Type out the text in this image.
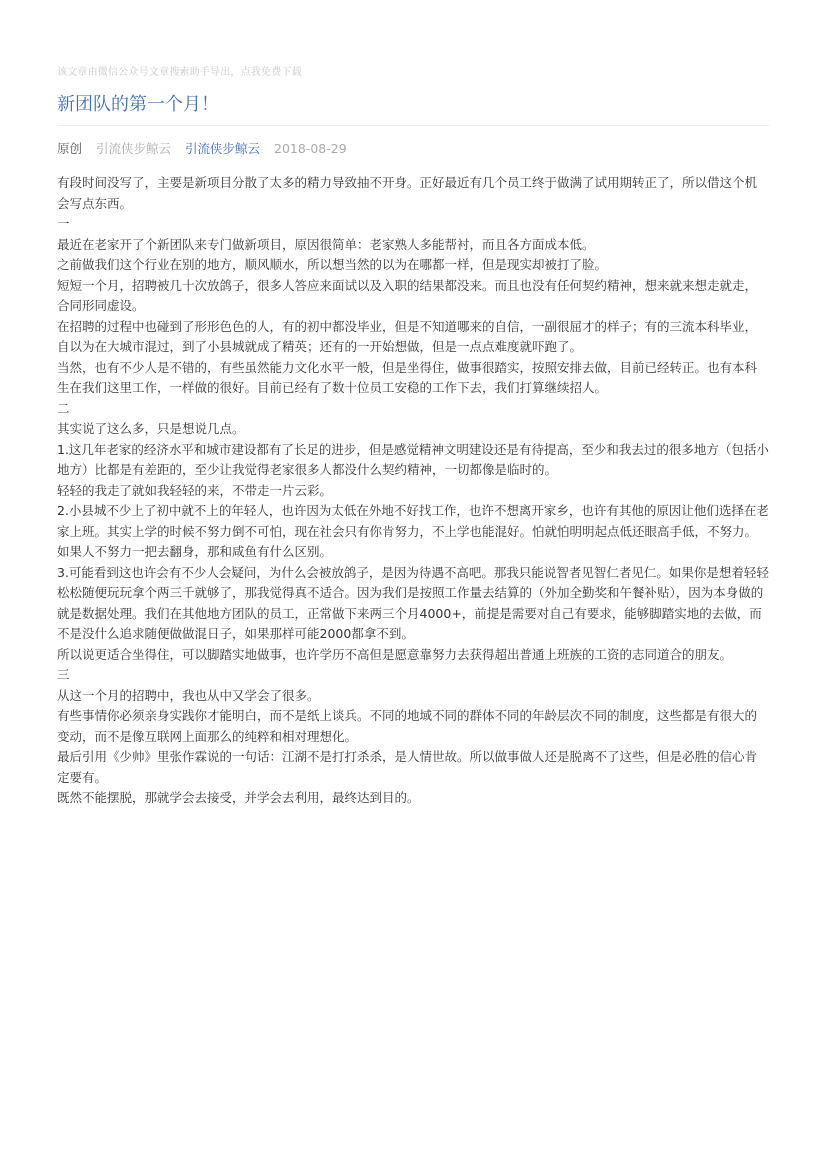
该文章由微信公众号文章搜索助手导出，点我免费下载
新团队的第一个月！
原创 引流侠步鲸云 引流侠步鲸云 2018-08-29

有段时间没写了，主要是新项目分散了太多的精力导致抽不开身。正好最近有几个员工终于做满了试用期转正了，所以借这个机会写点东西。

一

最近在老家开了个新团队来专门做新项目，原因很简单：老家熟人多能帮衬，而且各方面成本低。

之前做我们这个行业在别的地方，顺风顺水，所以想当然的以为在哪都一样，但是现实却被打了脸。

短短一个月，招聘被几十次放鸽子，很多人答应来面试以及入职的结果都没来。而且也没有任何契约精神，想来就来想走就走，合同形同虚设。

在招聘的过程中也碰到了形形色色的人，有的初中都没毕业，但是不知道哪来的自信，一副很屈才的样子；有的三流本科毕业，自以为在大城市混过，到了小县城就成了精英；还有的一开始想做，但是一点点难度就吓跑了。

当然，也有不少人是不错的，有些虽然能力文化水平一般，但是坐得住，做事很踏实，按照安排去做，目前已经转正。也有本科生在我们这里工作，一样做的很好。目前已经有了数十位员工安稳的工作下去，我们打算继续招人。

二

其实说了这么多，只是想说几点。

1.这几年老家的经济水平和城市建设都有了长足的进步，但是感觉精神文明建设还是有待提高，至少和我去过的很多地方（包括小地方）比都是有差距的，至少让我觉得老家很多人都没什么契约精神，一切都像是临时的。

轻轻的我走了就如我轻轻的来，不带走一片云彩。

2.小县城不少上了初中就不上的年轻人，也许因为太低在外地不好找工作，也许不想离开家乡，也许有其他的原因让他们选择在老家上班。其实上学的时候不努力倒不可怕，现在社会只有你肯努力，不上学也能混好。怕就怕明明起点低还眼高手低，不努力。如果人不努力一把去翻身，那和咸鱼有什么区别。

3.可能看到这也许会有不少人会疑问，为什么会被放鸽子，是因为待遇不高吧。那我只能说智者见智仁者见仁。如果你是想着轻轻松松随便玩玩拿个两三千就够了，那我觉得真不适合。因为我们是按照工作量去结算的（外加全勤奖和午餐补贴），因为本身做的就是数据处理。我们在其他地方团队的员工，正常做下来两三个月4000+，前提是需要对自己有要求，能够脚踏实地的去做，而不是没什么追求随便做做混日子，如果那样可能2000都拿不到。

所以说更适合坐得住，可以脚踏实地做事，也许学历不高但是愿意靠努力去获得超出普通上班族的工资的志同道合的朋友。

三

从这一个月的招聘中，我也从中又学会了很多。

有些事情你必须亲身实践你才能明白，而不是纸上谈兵。不同的地域不同的群体不同的年龄层次不同的制度，这些都是有很大的变动，而不是像互联网上面那么的纯粹和相对理想化。

最后引用《少帅》里张作霖说的一句话：江湖不是打打杀杀，是人情世故。所以做事做人还是脱离不了这些，但是必胜的信心肯定要有。

既然不能摆脱，那就学会去接受，并学会去利用，最终达到目的。
